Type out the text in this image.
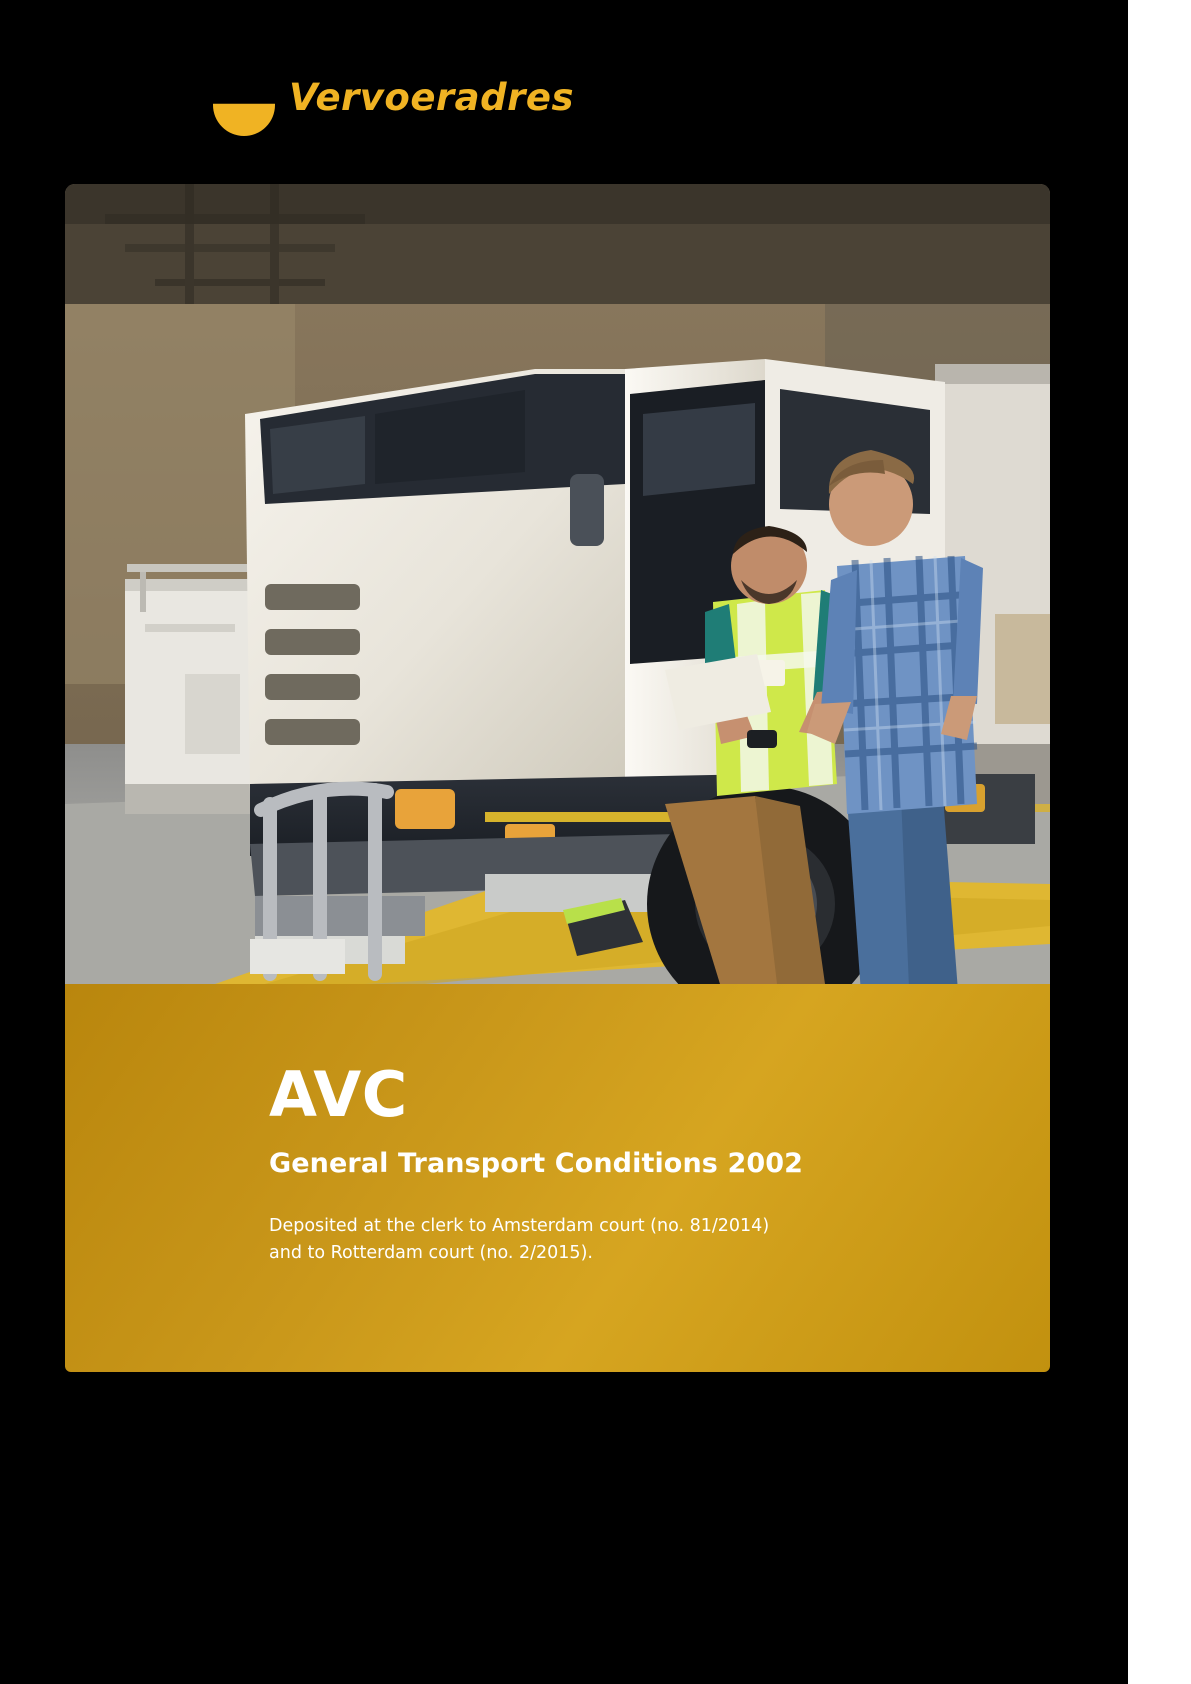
Vervoeradres
AVC
General Transport Conditions 2002

Deposited at the clerk to Amsterdam court (no. 81/2014)
and to Rotterdam court (no. 2/2015).
